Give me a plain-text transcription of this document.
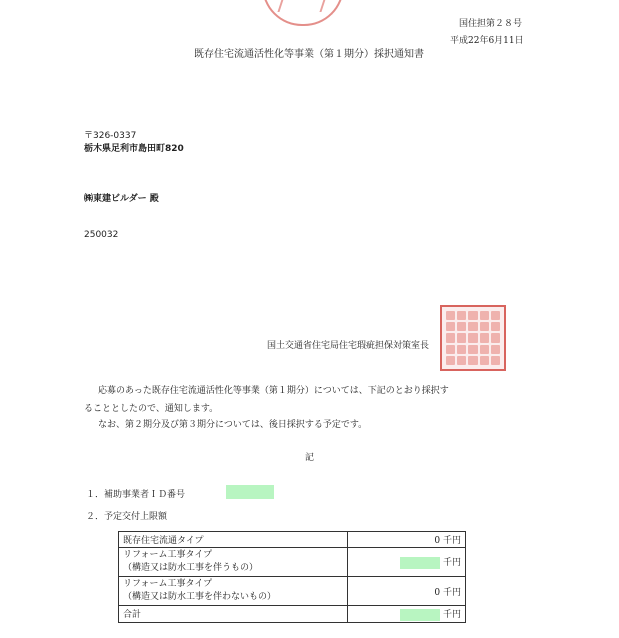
国住担第２８号
平成22年6月11日
既存住宅流通活性化等事業（第１期分）採択通知書
〒326-0337
栃木県足利市島田町820
㈱東建ビルダー 殿
250032
国土交通省住宅局住宅瑕疵担保対策室長
応募のあった既存住宅流通活性化等事業（第１期分）については、下記のとおり採択す
ることとしたので、通知します。
なお、第２期分及び第３期分については、後日採択する予定です。
記
１．補助事業者ＩＤ番号
２．予定交付上限額
既存住宅流通タイプ	0 千円

リフォーム工事タイプ
（構造又は防水工事を伴うもの）	千円

リフォーム工事タイプ
（構造又は防水工事を伴わないもの）	0 千円
合計	千円
